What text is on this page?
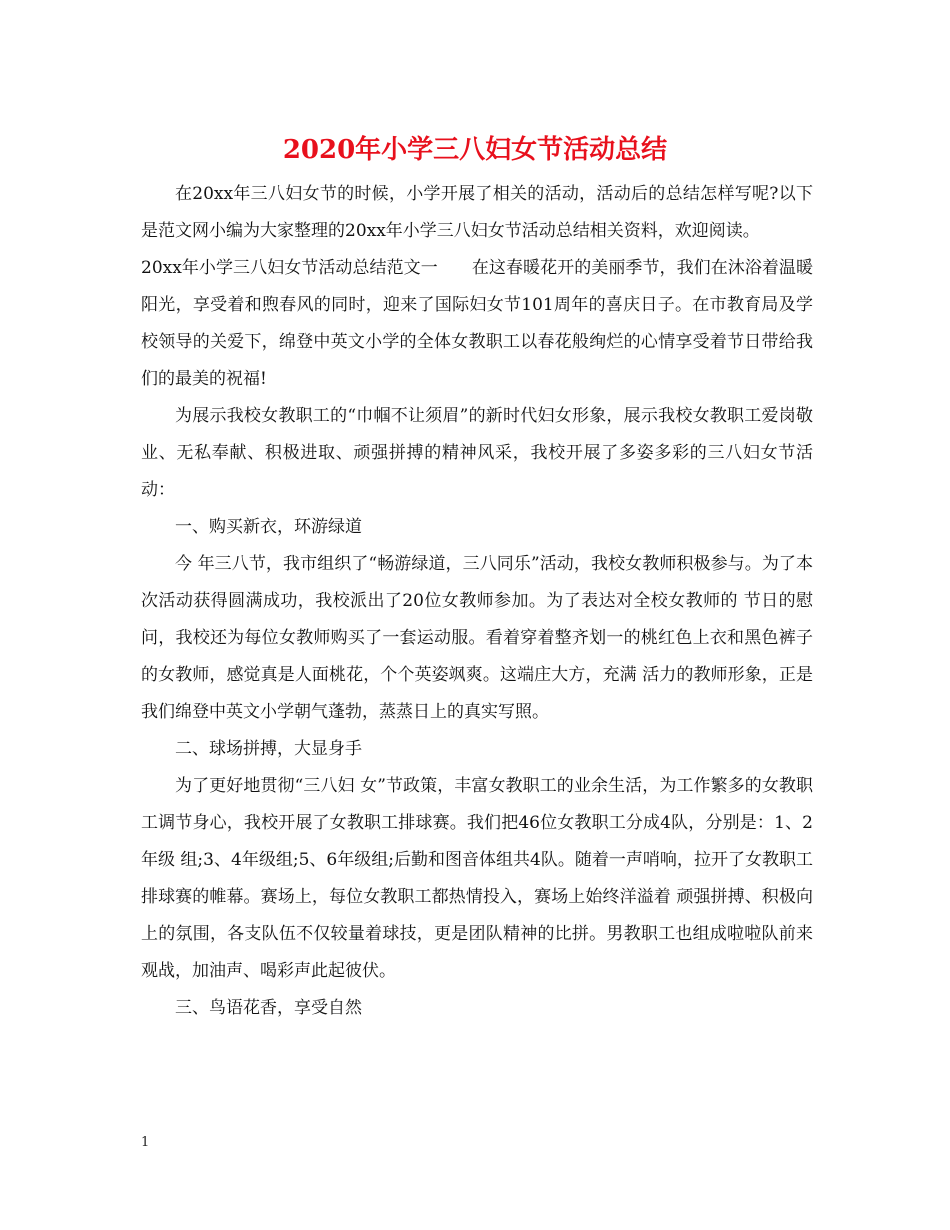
2020年小学三八妇女节活动总结

在20xx年三八妇女节的时候，小学开展了相关的活动，活动后的总结怎样写呢?以下是范文网小编为大家整理的20xx年小学三八妇女节活动总结相关资料，欢迎阅读。

20xx年小学三八妇女节活动总结范文一　　在这春暖花开的美丽季节，我们在沐浴着温暖阳光，享受着和煦春风的同时，迎来了国际妇女节101周年的喜庆日子。在市教育局及学校领导的关爱下，绵登中英文小学的全体女教职工以春花般绚烂的心情享受着节日带给我们的最美的祝福!

为展示我校女教职工的“巾帼不让须眉”的新时代妇女形象，展示我校女教职工爱岗敬业、无私奉献、积极进取、顽强拼搏的精神风采，我校开展了多姿多彩的三八妇女节活动：

一、购买新衣，环游绿道

今 年三八节，我市组织了“畅游绿道，三八同乐”活动，我校女教师积极参与。为了本次活动获得圆满成功，我校派出了20位女教师参加。为了表达对全校女教师的 节日的慰问，我校还为每位女教师购买了一套运动服。看着穿着整齐划一的桃红色上衣和黑色裤子的女教师，感觉真是人面桃花，个个英姿飒爽。这端庄大方，充满 活力的教师形象，正是我们绵登中英文小学朝气蓬勃，蒸蒸日上的真实写照。

二、球场拼搏，大显身手

为了更好地贯彻“三八妇 女”节政策，丰富女教职工的业余生活，为工作繁多的女教职工调节身心，我校开展了女教职工排球赛。我们把46位女教职工分成4队，分别是：1、2年级 组;3、4年级组;5、6年级组;后勤和图音体组共4队。随着一声哨响，拉开了女教职工排球赛的帷幕。赛场上，每位女教职工都热情投入，赛场上始终洋溢着 顽强拼搏、积极向上的氛围，各支队伍不仅较量着球技，更是团队精神的比拼。男教职工也组成啦啦队前来观战，加油声、喝彩声此起彼伏。

三、鸟语花香，享受自然

1
